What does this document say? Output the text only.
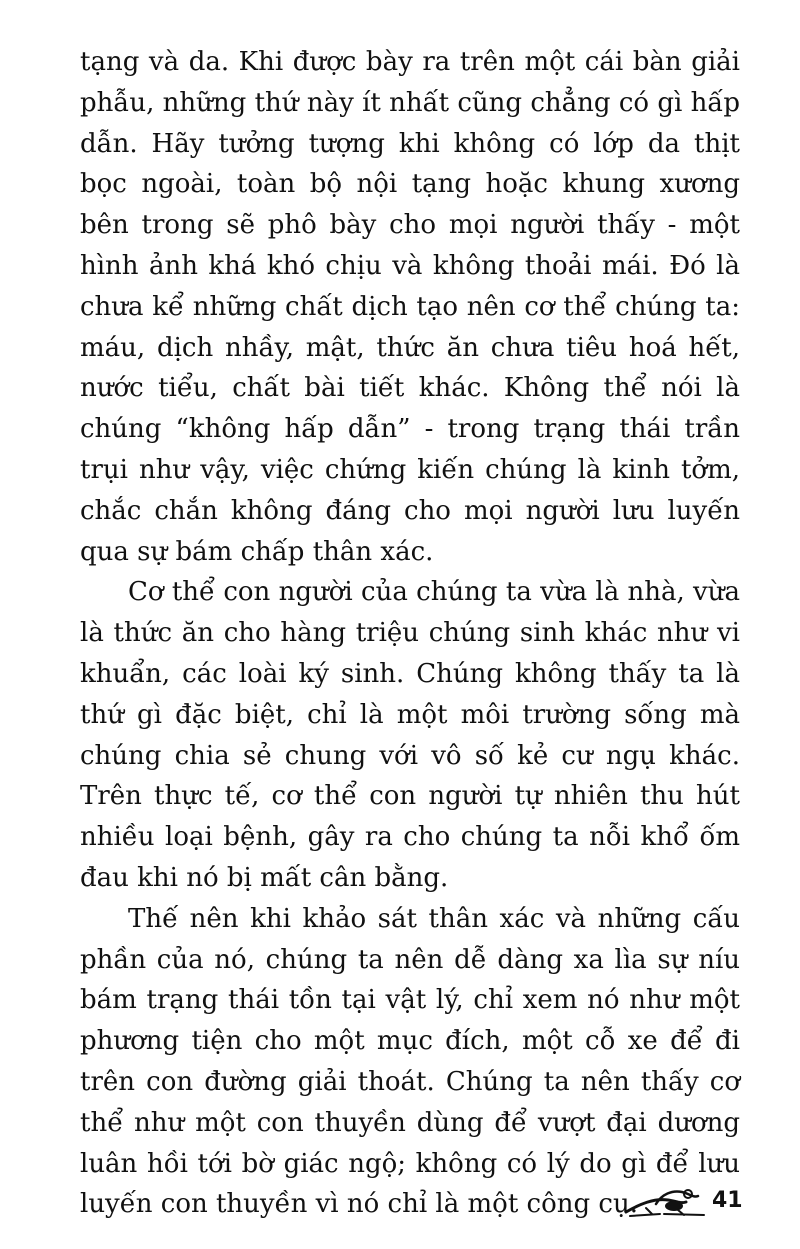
tạng và da. Khi được bày ra trên một cái bàn giải phẫu, những thứ này ít nhất cũng chẳng có gì hấp dẫn. Hãy tưởng tượng khi không có lớp da thịt bọc ngoài, toàn bộ nội tạng hoặc khung xương bên trong sẽ phô bày cho mọi người thấy - một hình ảnh khá khó chịu và không thoải mái. Đó là chưa kể những chất dịch tạo nên cơ thể chúng ta: máu, dịch nhầy, mật, thức ăn chưa tiêu hoá hết, nước tiểu, chất bài tiết khác. Không thể nói là chúng “không hấp dẫn” - trong trạng thái trần trụi như vậy, việc chứng kiến chúng là kinh tởm, chắc chắn không đáng cho mọi người lưu luyến qua sự bám chấp thân xác.

Cơ thể con người của chúng ta vừa là nhà, vừa là thức ăn cho hàng triệu chúng sinh khác như vi khuẩn, các loài ký sinh. Chúng không thấy ta là thứ gì đặc biệt, chỉ là một môi trường sống mà chúng chia sẻ chung với vô số kẻ cư ngụ khác. Trên thực tế, cơ thể con người tự nhiên thu hút nhiều loại bệnh, gây ra cho chúng ta nỗi khổ ốm đau khi nó bị mất cân bằng.

Thế nên khi khảo sát thân xác và những cấu phần của nó, chúng ta nên dễ dàng xa lìa sự níu bám trạng thái tồn tại vật lý, chỉ xem nó như một phương tiện cho một mục đích, một cỗ xe để đi trên con đường giải thoát. Chúng ta nên thấy cơ thể như một con thuyền dùng để vượt đại dương luân hồi tới bờ giác ngộ; không có lý do gì để lưu luyến con thuyền vì nó chỉ là một công cụ.	41
